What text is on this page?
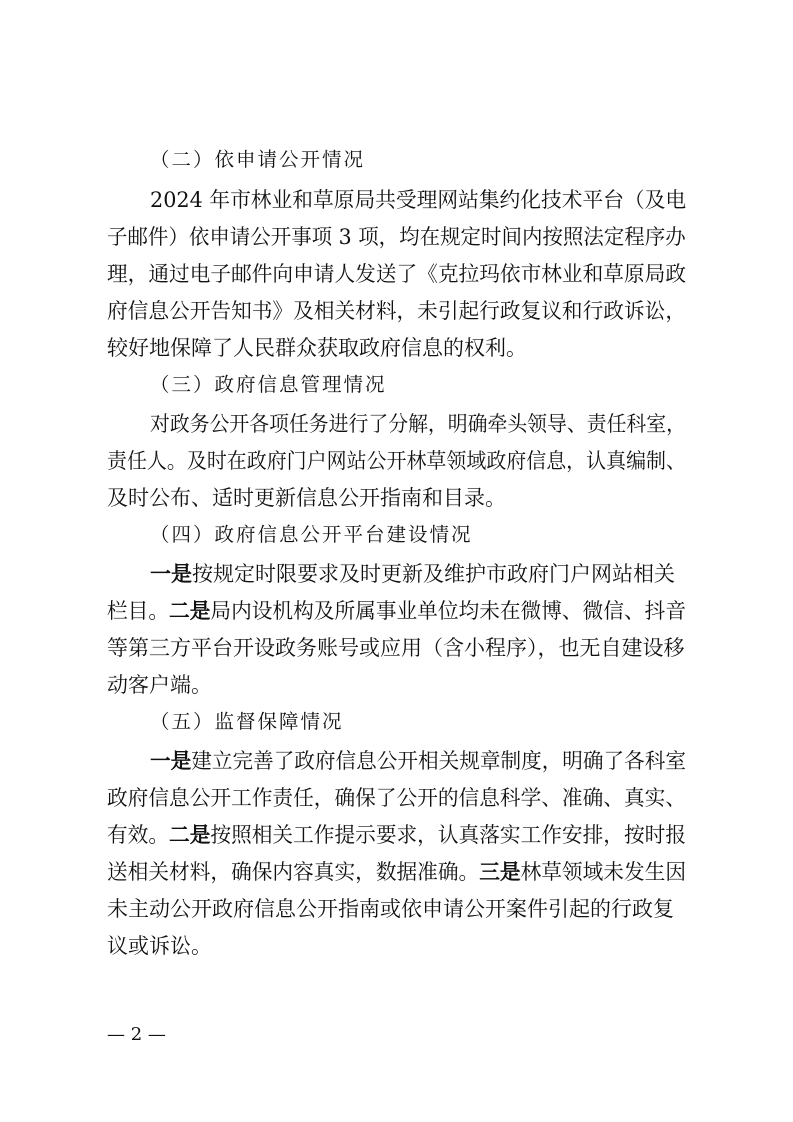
（二）依申请公开情况
2024 年市林业和草原局共受理网站集约化技术平台（及电
子邮件）依申请公开事项 3 项，均在规定时间内按照法定程序办
理，通过电子邮件向申请人发送了《克拉玛依市林业和草原局政
府信息公开告知书》及相关材料，未引起行政复议和行政诉讼，
较好地保障了人民群众获取政府信息的权利。
（三）政府信息管理情况
对政务公开各项任务进行了分解，明确牵头领导、责任科室，
责任人。及时在政府门户网站公开林草领域政府信息，认真编制、
及时公布、适时更新信息公开指南和目录。
（四）政府信息公开平台建设情况
一是按规定时限要求及时更新及维护市政府门户网站相关
栏目。二是局内设机构及所属事业单位均未在微博、微信、抖音
等第三方平台开设政务账号或应用（含小程序），也无自建设移
动客户端。
（五）监督保障情况
一是建立完善了政府信息公开相关规章制度，明确了各科室
政府信息公开工作责任，确保了公开的信息科学、准确、真实、
有效。二是按照相关工作提示要求，认真落实工作安排，按时报
送相关材料，确保内容真实，数据准确。三是林草领域未发生因
未主动公开政府信息公开指南或依申请公开案件引起的行政复
议或诉讼。
— 2 —
